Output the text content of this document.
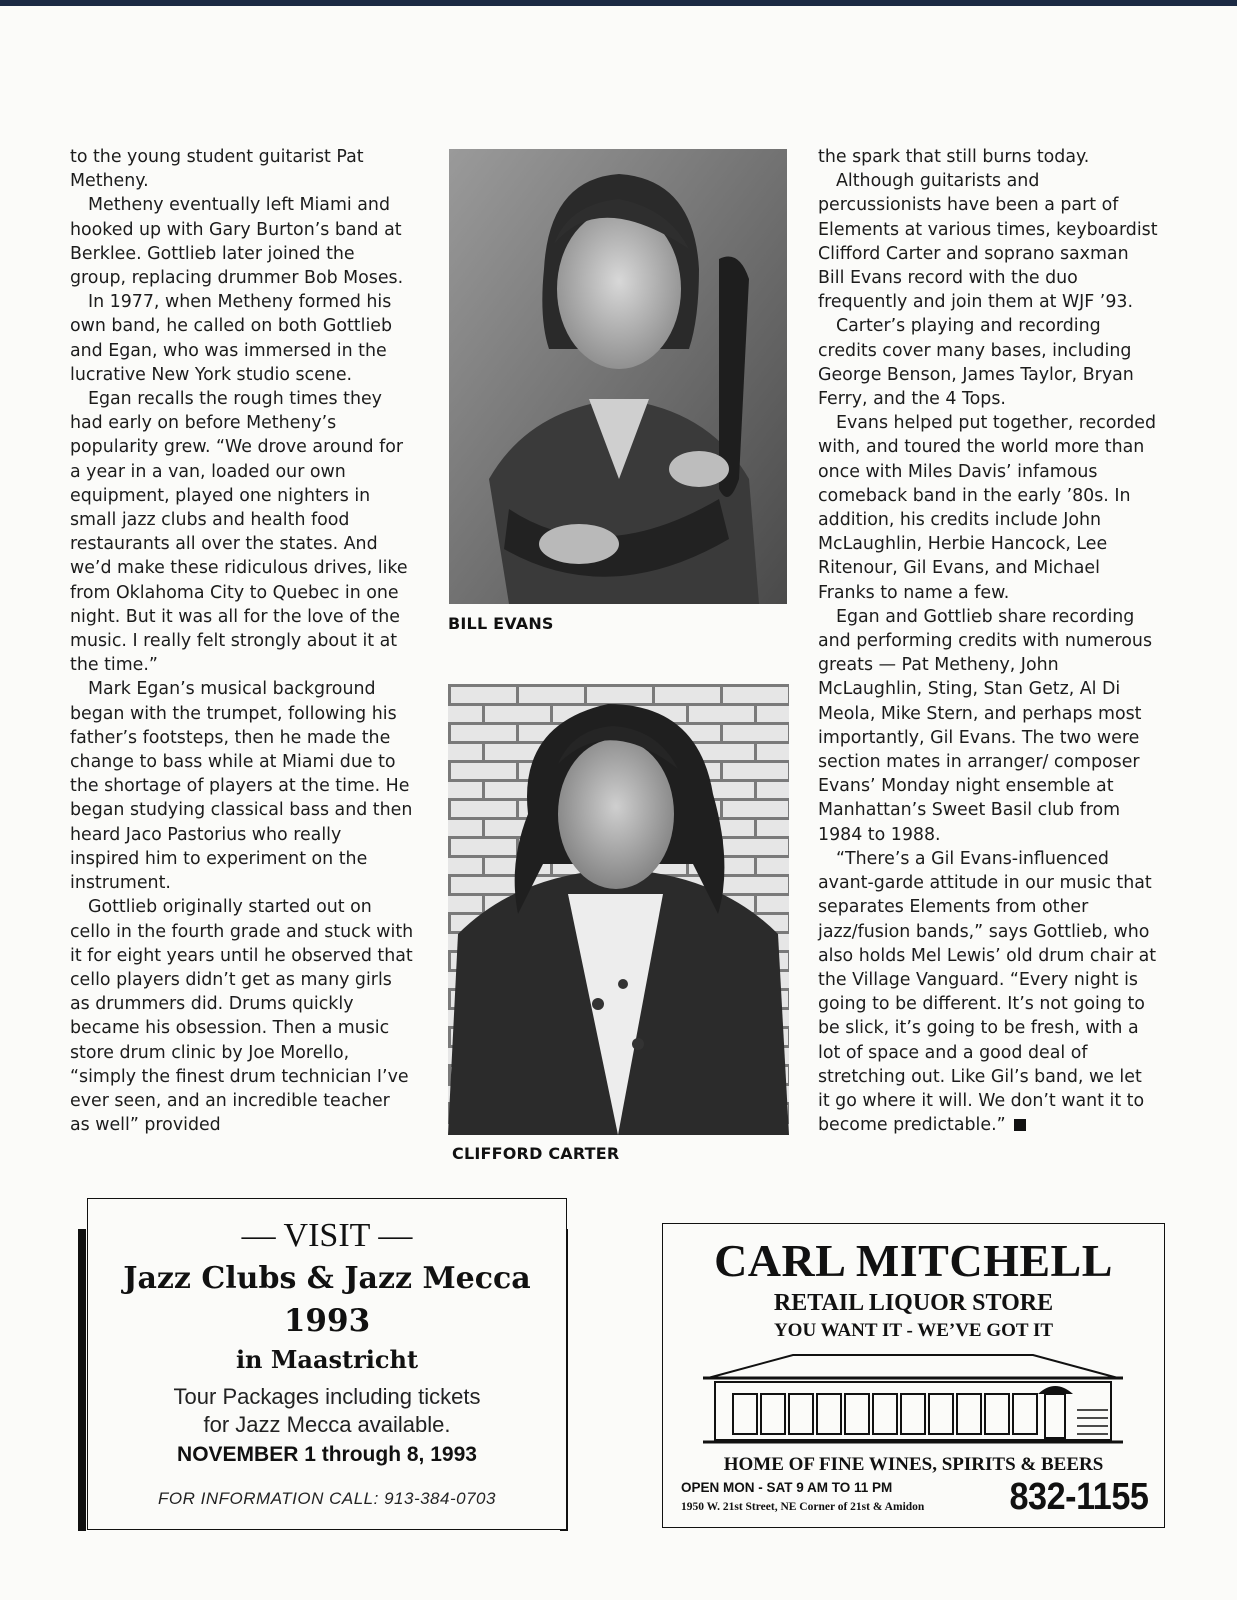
to the young student guitarist Pat Metheny.

Metheny eventually left Miami and hooked up with Gary Burton’s band at Berklee. Gottlieb later joined the group, replacing drummer Bob Moses.

In 1977, when Metheny formed his own band, he called on both Gottlieb and Egan, who was immersed in the lucrative New York studio scene.

Egan recalls the rough times they had early on before Metheny’s popularity grew. “We drove around for a year in a van, loaded our own equipment, played one nighters in small jazz clubs and health food restaurants all over the states. And we’d make these ridiculous drives, like from Oklahoma City to Quebec in one night. But it was all for the love of the music. I really felt strongly about it at the time.”

Mark Egan’s musical background began with the trumpet, following his father’s footsteps, then he made the change to bass while at Miami due to the shortage of players at the time. He began studying classical bass and then heard Jaco Pastorius who really inspired him to experiment on the instrument.

Gottlieb originally started out on cello in the fourth grade and stuck with it for eight years until he observed that cello players didn’t get as many girls as drummers did. Drums quickly became his obsession. Then a music store drum clinic by Joe Morello, “simply the finest drum technician I’ve ever seen, and an incredible teacher as well” provided

BILL EVANS
CLIFFORD CARTER

the spark that still burns today.

Although guitarists and percussionists have been a part of Elements at various times, keyboardist Clifford Carter and soprano saxman Bill Evans record with the duo frequently and join them at WJF ’93.

Carter’s playing and recording credits cover many bases, including George Benson, James Taylor, Bryan Ferry, and the 4 Tops.

Evans helped put together, recorded with, and toured the world more than once with Miles Davis’ infamous comeback band in the early ’80s. In addition, his credits include John McLaughlin, Herbie Hancock, Lee Ritenour, Gil Evans, and Michael Franks to name a few.

Egan and Gottlieb share recording and performing credits with numerous greats — Pat Metheny, John McLaughlin, Sting, Stan Getz, Al Di Meola, Mike Stern, and perhaps most importantly, Gil Evans. The two were section mates in arranger/ composer Evans’ Monday night ensemble at Manhattan’s Sweet Basil club from 1984 to 1988.

“There’s a Gil Evans-influenced avant-garde attitude in our music that separates Elements from other jazz/fusion bands,” says Gottlieb, who also holds Mel Lewis’ old drum chair at the Village Vanguard. “Every night is going to be different. It’s not going to be slick, it’s going to be fresh, with a lot of space and a good deal of stretching out. Like Gil’s band, we let it go where it will. We don’t want it to become predictable.”

— VISIT —
Jazz Clubs & Jazz Mecca
1993
in Maastricht
Tour Packages including tickets
for Jazz Mecca available.
NOVEMBER 1 through 8, 1993
FOR INFORMATION CALL: 913-384-0703
CARL MITCHELL
RETAIL LIQUOR STORE
YOU WANT IT - WE’VE GOT IT
HOME OF FINE WINES, SPIRITS & BEERS
OPEN MON - SAT 9 AM TO 11 PM
1950 W. 21st Street, NE Corner of 21st & Amidon 832-1155
